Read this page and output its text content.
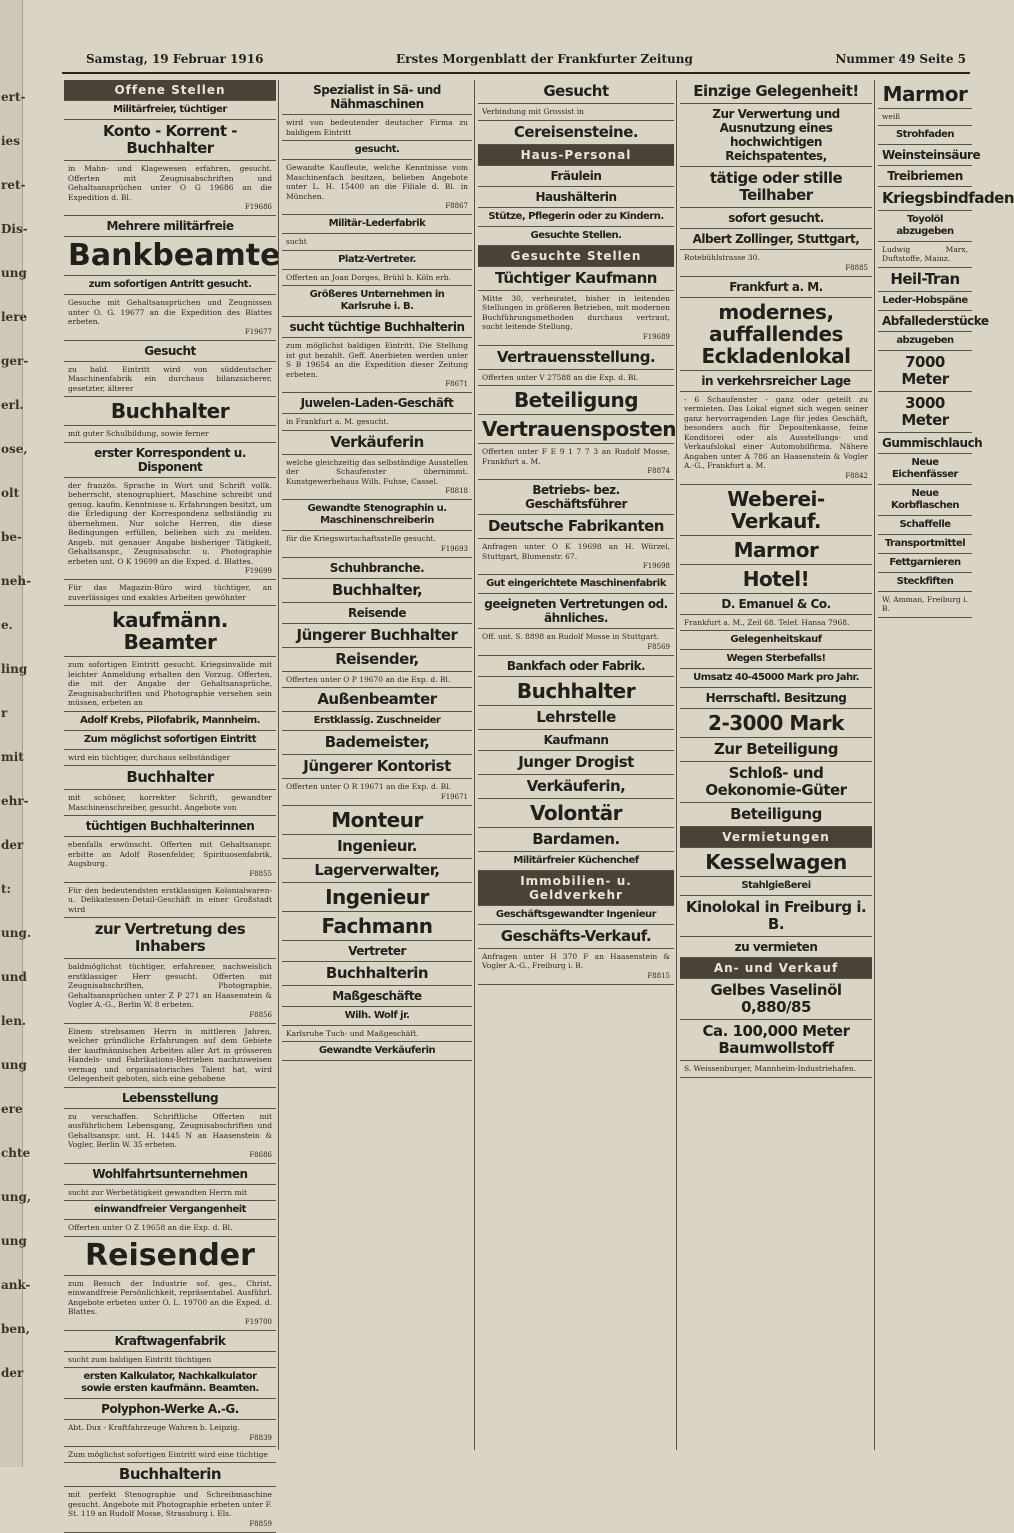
ert-
ies
ret-
Dis-
ung
lere
ger-
erl.
ose,
olt
be-
neh-
e.
ling
r
mit
ehr-
der
t:
ung.
und
len.
ung
ere
chte
ung,
ung
ank-
ben,
der
Samstag, 19 Februar 1916	Erstes Morgenblatt der Frankfurter Zeitung	Nummer 49 Seite 5
Offene Stellen
Militärfreier, tüchtiger
Konto - Korrent - Buchhalter
in Mahn- und Klagewesen erfahren, gesucht. Offerten mit Zeugnisabschriften und Gehaltsansprüchen unter O G 19686 an die Expedition d. Bl.
F19686
Mehrere militärfreie
Bankbeamte
zum sofortigen Antritt gesucht.
Gesuche mit Gehaltsansprüchen und Zeugnissen unter O. G. 19677 an die Expedition des Blattes erbeten.
F19677
Gesucht
zu bald. Eintritt wird von süddeutscher Maschinenfabrik ein durchaus bilanzsicherer, gesetzter, älterer
Buchhalter
mit guter Schulbildung, sowie ferner
erster Korrespondent u. Disponent
der französ. Sprache in Wort und Schrift vollk. beherrscht, stenographiert, Maschine schreibt und genug. kaufm. Kenntnisse u. Erfahrungen besitzt, um die Erledigung der Korrespondenz selbständig zu übernehmen. Nur solche Herren, die diese Bedingungen erfüllen, belieben sich zu melden. Angeb. mit genauer Angabe bisheriger Tätigkeit, Gehaltsanspr., Zeugnisabschr. u. Photographie erbeten unt. O K 19699 an die Exped. d. Blattes.
F19699
Für das Magazin-Büro wird tüchtiger, an zuverlässiges und exaktes Arbeiten gewöhnter
kaufmänn. Beamter
zum sofortigen Eintritt gesucht. Kriegsinvalide mit leichter Anmeldung erhalten den Vorzug. Offerten, die mit der Angabe der Gehaltsansprüche, Zeugnisabschriften und Photographie versehen sein müssen, erbeten an
Adolf Krebs, Pilofabrik, Mannheim.
Zum möglichst sofortigen Eintritt
wird ein tüchtiger, durchaus selbständiger
Buchhalter
mit schöner, korrekter Schrift, gewandter Maschinenschreiber, gesucht. Angebote von
tüchtigen Buchhalterinnen
ebenfalls erwünscht. Offerten mit Gehaltsanspr. erbitte an Adolf Rosenfelder, Spirituosenfabrik, Augsburg.
F8855
Für den bedeutendsten erstklassigen Kolonialwaren- u. Delikatessen-Detail-Geschäft in einer Großstadt wird
zur Vertretung des Inhabers
baldmöglichst tüchtiger, erfahrener, nachweislich erstklassiger Herr gesucht. Offerten mit Zeugnisabschriften, Photographie, Gehaltsansprüchen unter Z P 271 an Haasenstein & Vogler A.-G., Berlin W. 8 erbeten.
F8856
Einem strebsamen Herrn in mittleren Jahren, welcher gründliche Erfahrungen auf dem Gebiete der kaufmännischen Arbeiten aller Art in grösseren Handels- und Fabrikations-Betrieben nachzuweisen vermag und organisatorisches Talent hat, wird Gelegenheit geboten, sich eine gehobene
Lebensstellung
zu verschaffen. Schriftliche Offerten mit ausführlichem Lebensgang, Zeugnisabschriften und Gehaltsanspr. unt. H. 1445 N an Haasenstein & Vogler, Berlin W. 35 erbeten.
F8686
Wohlfahrtsunternehmen
sucht zur Werbetätigkeit gewandten Herrn mit
einwandfreier Vergangenheit
Offerten unter O Z 19658 an die Exp. d. Bl.
Reisender
zum Besuch der Industrie sof. ges., Christ, einwandfreie Persönlichkeit, repräsentabel. Ausführl. Angebote erbeten unter O. L. 19700 an die Exped. d. Blattes.
F19700
Kraftwagenfabrik
sucht zum baldigen Eintritt tüchtigen
ersten Kalkulator, Nachkalkulator sowie ersten kaufmänn. Beamten.
Polyphon-Werke A.-G.
Abt. Dux - Kraftfahrzeuge Wahren b. Leipzig.
F8839
Zum möglichst sofortigen Eintritt wird eine tüchtige
Buchhalterin
mit perfekt Stenographie und Schreibmaschine gesucht. Angebote mit Photographie erbeten unter F. St. 119 an Rudolf Mosse, Strassburg i. Els.
F8859
Spezialist in Sä- und Nähmaschinen
wird von bedeutender deutscher Firma zu baldigem Eintritt
gesucht.
Gewandte Kaufleute, welche Kenntnisse vom Maschinenfach besitzen, belieben Angebote unter L. H. 15400 an die Filiale d. Bl. in München.
F8867
Militär-Lederfabrik
sucht
Platz-Vertreter.
Offerten an Joan Dorges, Brühl b. Köln erb.
Größeres Unternehmen in Karlsruhe i. B.
sucht tüchtige Buchhalterin
zum möglichst baldigen Eintritt. Die Stellung ist gut bezahlt. Geff. Anerbieten werden unter S B 19654 an die Expedition dieser Zeitung erbeten.
F8671
Juwelen-Laden-Geschäft
in Frankfurt a. M. gesucht.
Verkäuferin
welche gleichzeitig das selbständige Ausstellen der Schaufenster übernimmt. Kunstgewerbehaus Wilh. Fuhse, Cassel.
F8818
Gewandte Stenographin u. Maschinenschreiberin
für die Kriegswirtschaftsstelle gesucht.
F19693
Schuhbranche.
Buchhalter,
Reisende
Jüngerer Buchhalter
Reisender,
Offerten unter O P 19670 an die Exp. d. Bl.
Außenbeamter
Erstklassig. Zuschneider
Bademeister,
Jüngerer Kontorist
Offerten unter O R 19671 an die Exp. d. Bl.
F19671
Monteur
Ingenieur.
Lagerverwalter,
Ingenieur
Fachmann
Vertreter
Buchhalterin
Maßgeschäfte
Wilh. Wolf jr.
Karlsruhe Tuch- und Maßgeschäft.
Gewandte Verkäuferin
Gesucht
Verbindung mit Grossist in
Cereisensteine.
Haus-Personal
Fräulein
Haushälterin
Stütze, Pflegerin oder zu Kindern.
Gesuchte Stellen.
Gesuchte Stellen
Tüchtiger Kaufmann
Mitte 30, verheiratet, bisher in leitenden Stellungen in größeren Betrieben, mit modernen Buchführungsmethoden durchaus vertraut, sucht leitende Stellung.
F19689
Vertrauensstellung.
Offerten unter V 27588 an die Exp. d. Bl.
Beteiligung
Vertrauensposten
Offerten unter F E 9 1 7 7 3 an Rudolf Mosse, Frankfurt a. M.
F8874
Betriebs- bez. Geschäftsführer
Deutsche Fabrikanten
Anfragen unter O K 19698 an H. Würzel, Stuttgart, Blumenstr. 67.
F19698
Gut eingerichtete Maschinenfabrik
geeigneten Vertretungen od. ähnliches.
Off. unt. S. 8898 an Rudolf Mosse in Stuttgart.
F8569
Bankfach oder Fabrik.
Buchhalter
Lehrstelle
Kaufmann
Junger Drogist
Verkäuferin,
Volontär
Bardamen.
Militärfreier Küchenchef
Immobilien- u. Geldverkehr
Geschäftsgewandter Ingenieur
Geschäfts-Verkauf.
Anfragen unter H 370 F an Haasenstein & Vogler A.-G., Freiburg i. B.
F8815
Einzige Gelegenheit!
Zur Verwertung und Ausnutzung eines hochwichtigen Reichspatentes,
tätige oder stille Teilhaber
sofort gesucht.
Albert Zollinger, Stuttgart,
Rotebühlstrasse 30.
F8885
Frankfurt a. M.
modernes, auffallendes Eckladenlokal
in verkehrsreicher Lage
- 6 Schaufenster - ganz oder geteilt zu vermieten. Das Lokal eignet sich wegen seiner ganz hervorragenden Lage für jedes Geschäft, besonders auch für Depositenkasse, feine Konditorei oder als Ausstellungs- und Verkaufslokal einer Automobilfirma. Nähere Angaben unter A 786 an Haasenstein & Vogler A.-G., Frankfurt a. M.
F8842
Weberei-Verkauf.
Marmor
Hotel!
D. Emanuel & Co.
Frankfurt a. M., Zeil 68. Telef. Hansa 7968.
Gelegenheitskauf
Wegen Sterbefalls!
Umsatz 40-45000 Mark pro Jahr.
Herrschaftl. Besitzung
2-3000 Mark
Zur Beteiligung
Schloß- und Oekonomie-Güter
Beteiligung
Vermietungen
Kesselwagen
Stahlgießerei
Kinolokal in Freiburg i. B.
zu vermieten
An- und Verkauf
Gelbes Vaselinöl 0,880/85
Ca. 100,000 Meter Baumwollstoff
S. Weissenburger, Mannheim-Industriehafen.
Marmor
weiß
Strohfaden
Weinsteinsäure
Treibriemen
Kriegsbindfaden
Toyolöl abzugeben
Ludwig Marx, Duftstoffe, Mainz.
Heil-Tran
Leder-Hobspäne
Abfallederstücke
abzugeben
7000 Meter
3000 Meter
Gummischlauch
Neue Eichenfässer
Neue Korbflaschen
Schaffelle
Transportmittel
Fettgarnieren
Steckfiften
W. Amman, Freiburg i. B.
